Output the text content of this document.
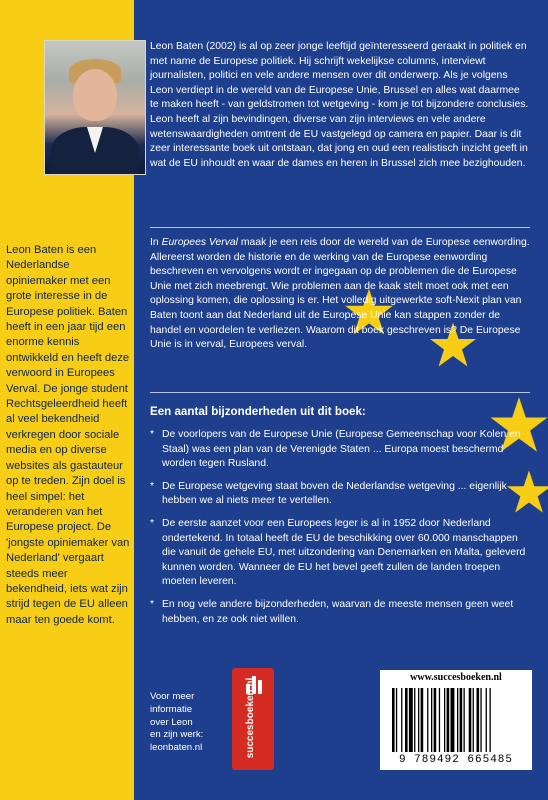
Leon Baten (2002) is al op zeer jonge leeftijd geïnteresseerd geraakt in politiek en met name de Europese politiek. Hij schrijft wekelijkse columns, interviewt journalisten, politici en vele andere mensen over dit onderwerp. Als je volgens Leon verdiept in de wereld van de Europese Unie, Brussel en alles wat daarmee te maken heeft - van geldstromen tot wetgeving - kom je tot bijzondere conclusies.

Leon heeft al zijn bevindingen, diverse van zijn interviews en vele andere wetenswaardigheden omtrent de EU vastgelegd op camera en papier. Daar is dit zeer interessante boek uit ontstaan, dat jong en oud een realistisch inzicht geeft in wat de EU inhoudt en waar de dames en heren in Brussel zich mee bezighouden.

In Europees Verval maak je een reis door de wereld van de Europese eenwording. Allereerst worden de historie en de werking van de Europese eenwording beschreven en vervolgens wordt er ingegaan op de problemen die de Europese Unie met zich meebrengt. Wie problemen aan de kaak stelt moet ook met een oplossing komen, die oplossing is er. Het volledig uitgewerkte soft-Nexit plan van Baten toont aan dat Nederland uit de Europese Unie kan stappen zonder de handel en voordelen te verliezen. Waarom dit boek geschreven is? De Europese Unie is in verval, Europees verval.

Een aantal bijzonderheden uit dit boek:
* De voorlopers van de Europese Unie (Europese Gemeenschap voor Kolen en Staal) was een plan van de Verenigde Staten ... Europa moest beschermd worden tegen Rusland.
* De Europese wetgeving staat boven de Nederlandse wetgeving ... eigenlijk hebben we al niets meer te vertellen.
* De eerste aanzet voor een Europees leger is al in 1952 door Nederland ondertekend. In totaal heeft de EU de beschikking over 60.000 manschappen die vanuit de gehele EU, met uitzondering van Denemarken en Malta, geleverd kunnen worden. Wanneer de EU het bevel geeft zullen de landen troepen moeten leveren.
* En nog vele andere bijzonderheden, waarvan de meeste mensen geen weet hebben, en ze ook niet willen.
Leon Baten is een Nederlandse opiniemaker met een grote interesse in de Europese politiek. Baten heeft in een jaar tijd een enorme kennis ontwikkeld en heeft deze verwoord in Europees Verval. De jonge student Rechtsgeleerdheid heeft al veel bekendheid verkregen door sociale media en op diverse websites als gastauteur op te treden. Zijn doel is heel simpel: het veranderen van het Europese project. De 'jongste opiniemaker van Nederland' vergaart steeds meer bekendheid, iets wat zijn strijd tegen de EU alleen maar ten goede komt.
Voor meer
informatie
over Leon
en zijn werk:
leonbaten.nl	succesboeken.nl
www.succesboeken.nl
9 789492 665485
